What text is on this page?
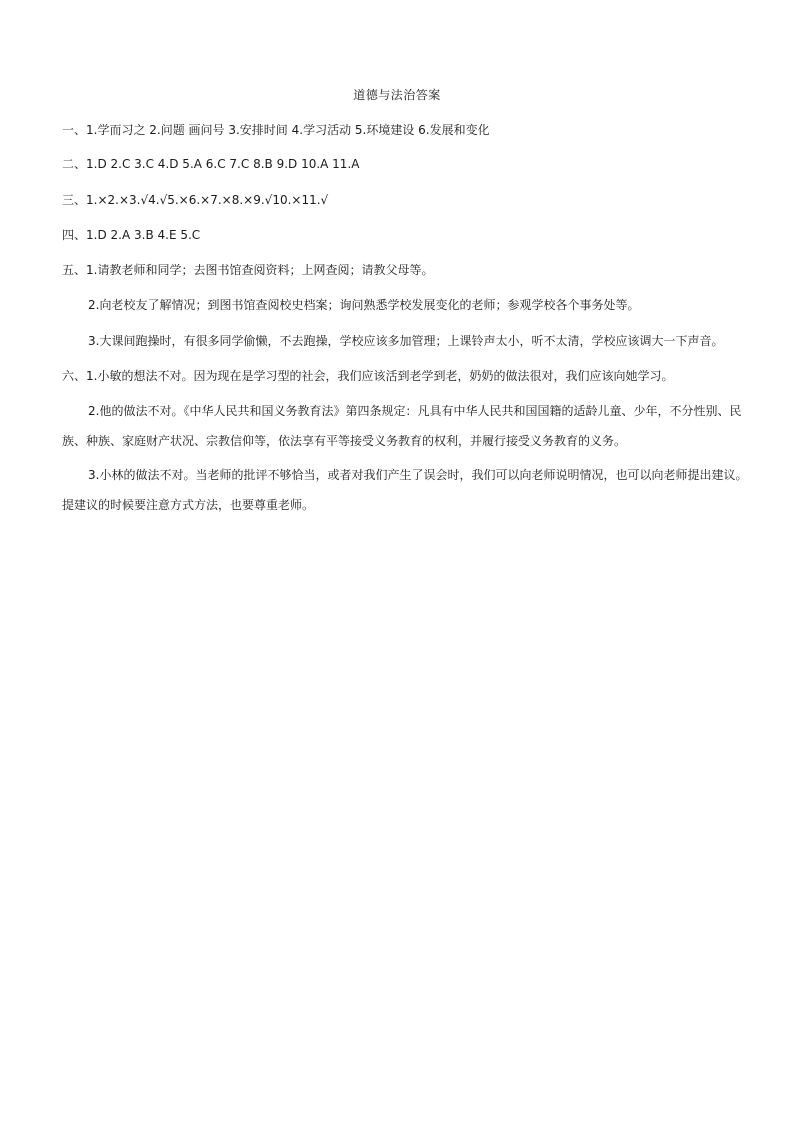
道德与法治答案
一、1.学而习之 2.问题 画问号 3.安排时间 4.学习活动 5.环境建设 6.发展和变化
二、1.D 2.C 3.C 4.D 5.A 6.C 7.C 8.B 9.D 10.A 11.A
三、1.×2.×3.√4.√5.×6.×7.×8.×9.√10.×11.√
四、1.D 2.A 3.B 4.E 5.C
五、1.请教老师和同学；去图书馆查阅资料；上网查阅；请教父母等。
2.向老校友了解情况；到图书馆查阅校史档案；询问熟悉学校发展变化的老师；参观学校各个事务处等。
3.大课间跑操时，有很多同学偷懒，不去跑操，学校应该多加管理；上课铃声太小，听不太清，学校应该调大一下声音。
六、1.小敏的想法不对。因为现在是学习型的社会，我们应该活到老学到老，奶奶的做法很对，我们应该向她学习。
2.他的做法不对。《中华人民共和国义务教育法》第四条规定：凡具有中华人民共和国国籍的适龄儿童、少年，不分性别、民
族、种族、家庭财产状况、宗教信仰等，依法享有平等接受义务教育的权利，并履行接受义务教育的义务。
3.小林的做法不对。当老师的批评不够恰当，或者对我们产生了误会时，我们可以向老师说明情况，也可以向老师提出建议。
提建议的时候要注意方式方法，也要尊重老师。
